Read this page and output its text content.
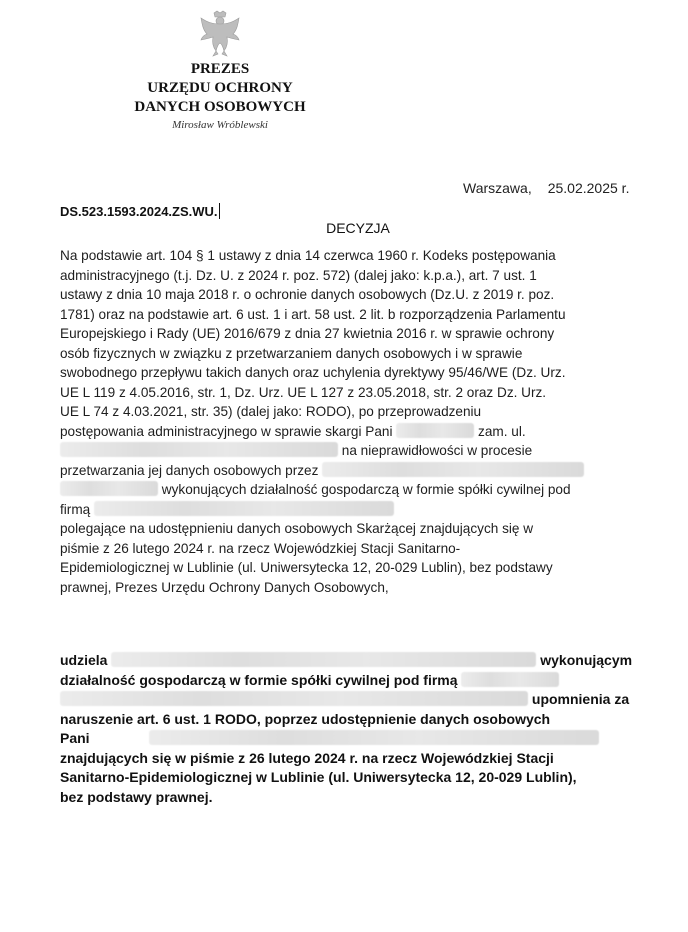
PREZES
URZĘDU OCHRONY
DANYCH OSOBOWYCH
Mirosław Wróblewski
Warszawa, 25.02.2025 r.
DS.523.1593.2024.ZS.WU.
DECYZJA
Na podstawie art. 104 § 1 ustawy z dnia 14 czerwca 1960 r. Kodeks postępowania
administracyjnego (t.j. Dz. U. z 2024 r. poz. 572) (dalej jako: k.p.a.), art. 7 ust. 1
ustawy z dnia 10 maja 2018 r. o ochronie danych osobowych (Dz.U. z 2019 r. poz.
1781) oraz na podstawie art. 6 ust. 1 i art. 58 ust. 2 lit. b rozporządzenia Parlamentu
Europejskiego i Rady (UE) 2016/679 z dnia 27 kwietnia 2016 r. w sprawie ochrony
osób fizycznych w związku z przetwarzaniem danych osobowych i w sprawie
swobodnego przepływu takich danych oraz uchylenia dyrektywy 95/46/WE (Dz. Urz.
UE L 119 z 4.05.2016, str. 1, Dz. Urz. UE L 127 z 23.05.2018, str. 2 oraz Dz. Urz.
UE L 74 z 4.03.2021, str. 35) (dalej jako: RODO), po przeprowadzeniu
postępowania administracyjnego w sprawie skargi Pani	zam. ul.
na nieprawidłowości w procesie
przetwarzania jej danych osobowych przez
wykonujących działalność gospodarczą w formie spółki cywilnej pod
firmą
polegające na udostępnieniu danych osobowych Skarżącej znajdujących się w
piśmie z 26 lutego 2024 r. na rzecz Wojewódzkiej Stacji Sanitarno-
Epidemiologicznej w Lublinie (ul. Uniwersytecka 12, 20-029 Lublin), bez podstawy
prawnej, Prezes Urzędu Ochrony Danych Osobowych,
udziela	wykonującym
działalność gospodarczą w formie spółki cywilnej pod firmą
upomnienia za
naruszenie art. 6 ust. 1 RODO, poprzez udostępnienie danych osobowych
Pani
znajdujących się w piśmie z 26 lutego 2024 r. na rzecz Wojewódzkiej Stacji
Sanitarno-Epidemiologicznej w Lublinie (ul. Uniwersytecka 12, 20-029 Lublin),
bez podstawy prawnej.
